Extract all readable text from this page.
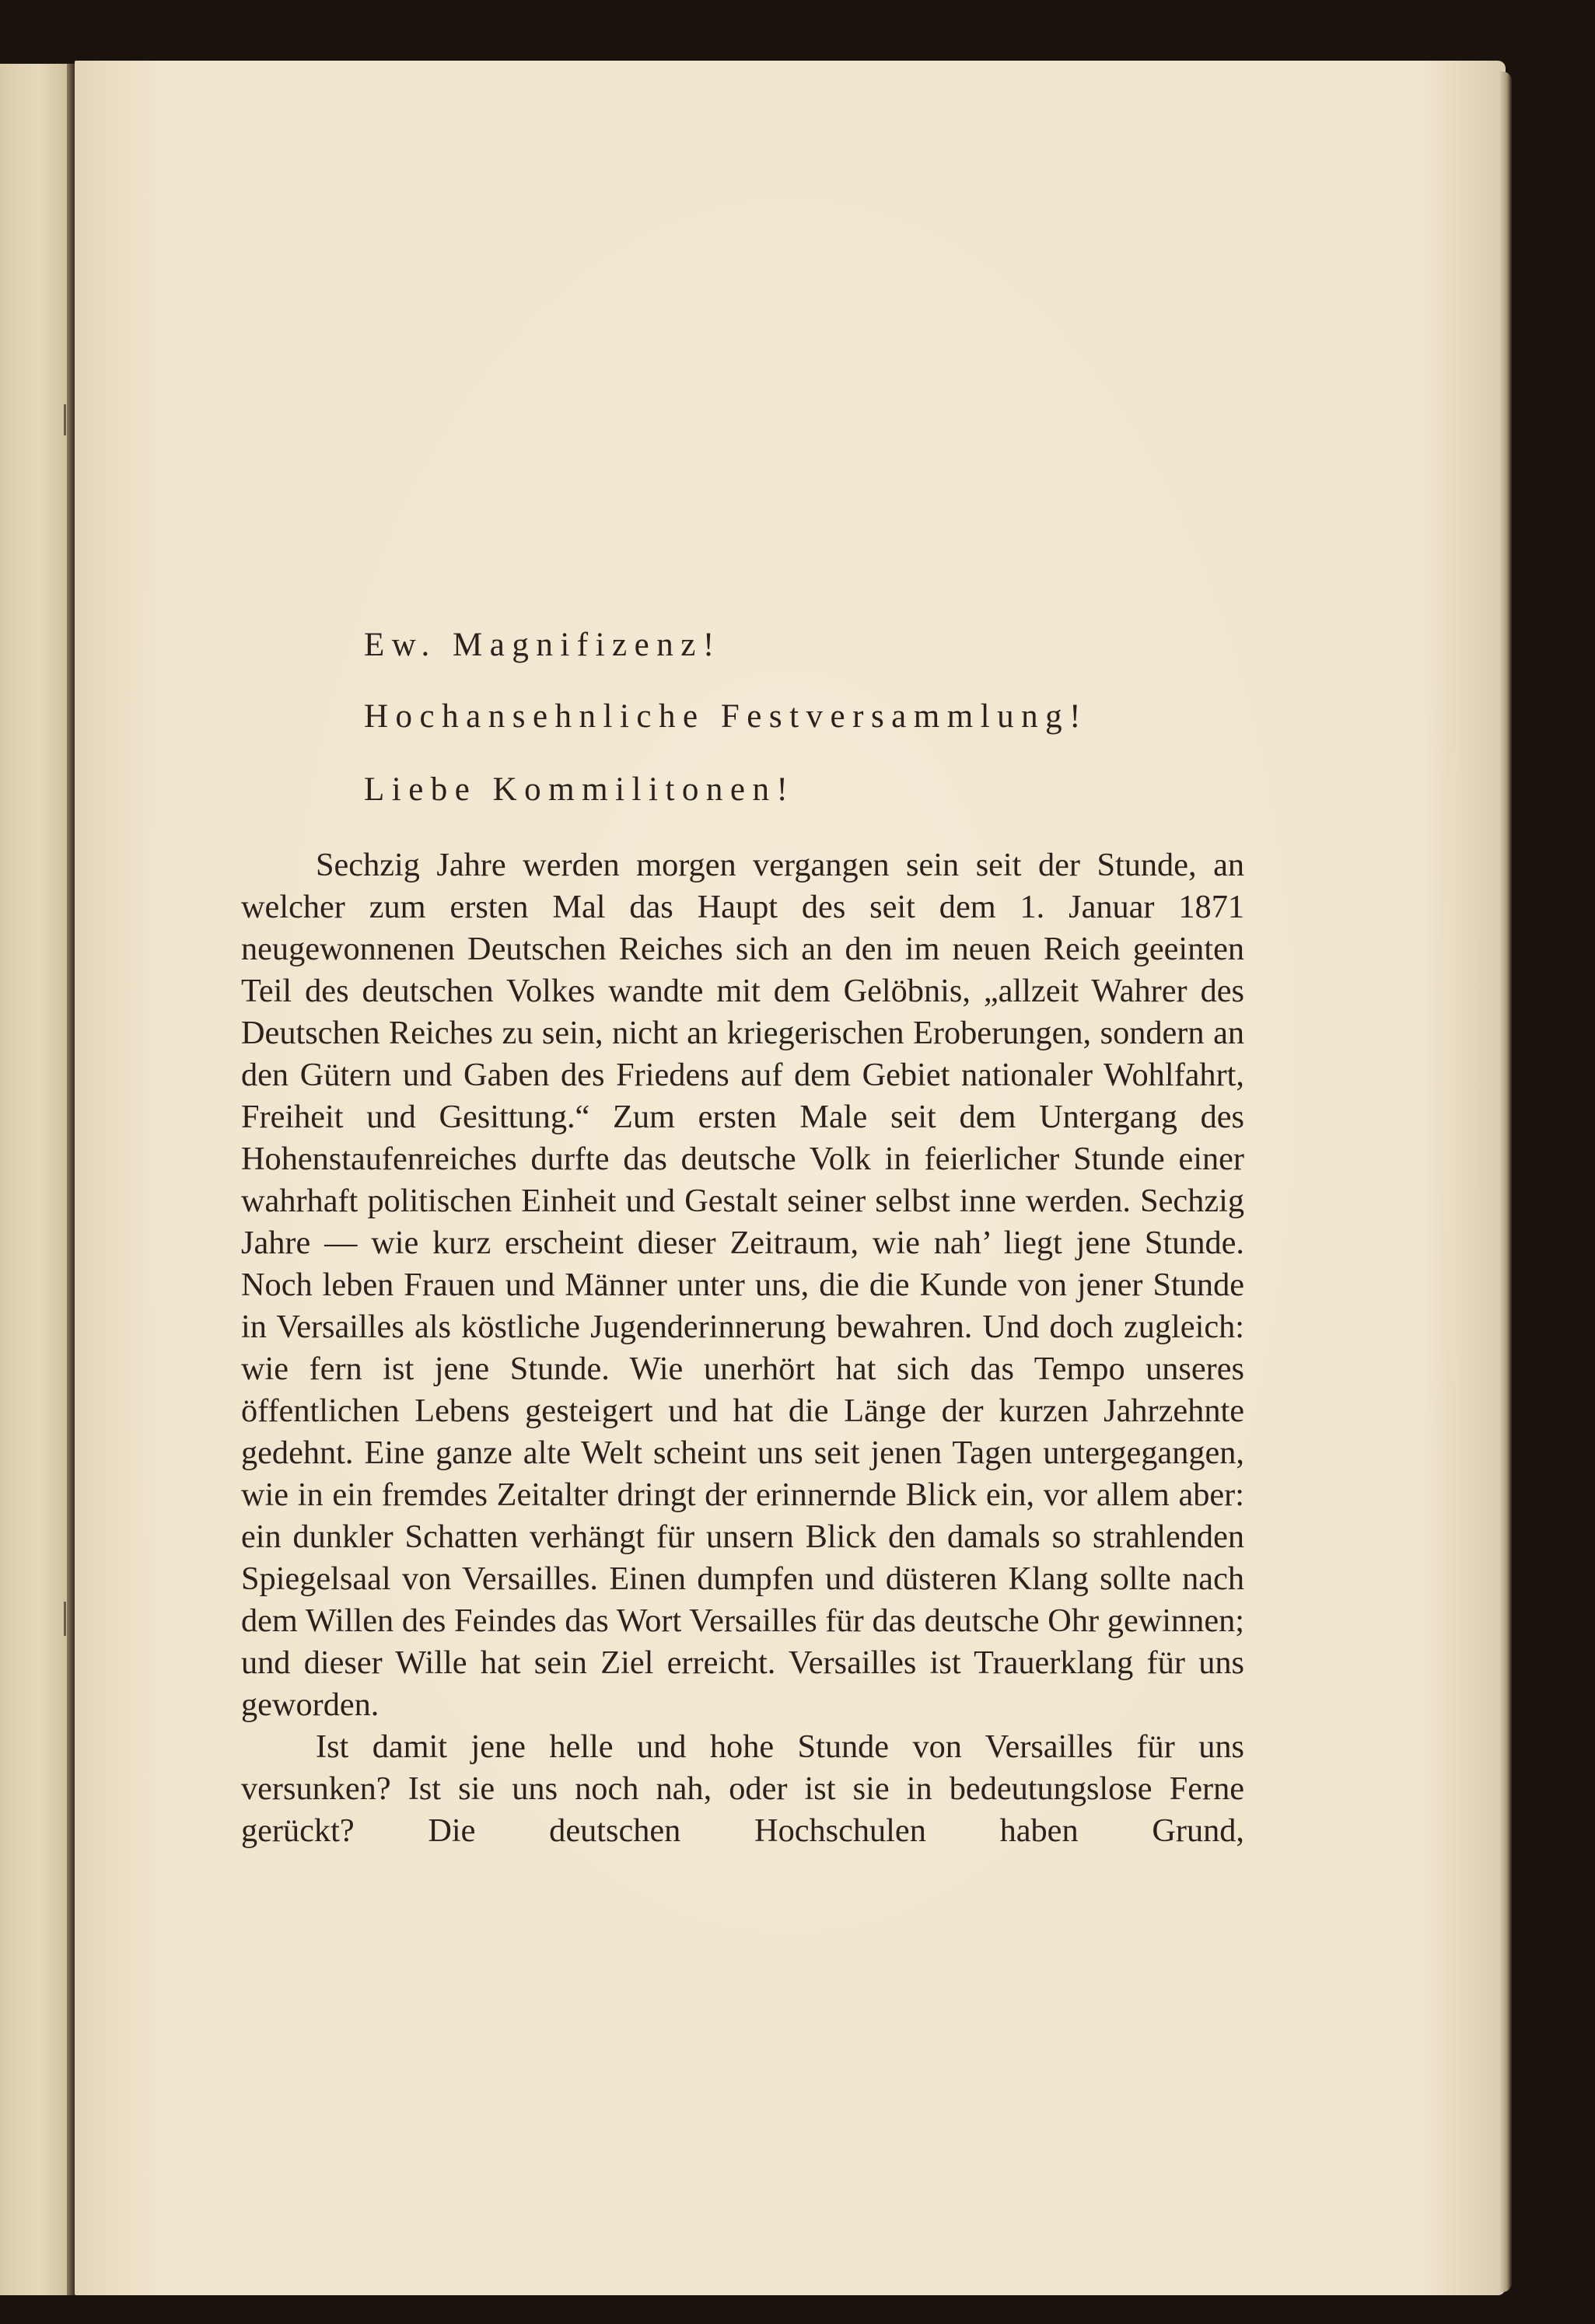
Ew. Magnifizenz!
Hochansehnliche Festversammlung!
Liebe Kommilitonen!

Sechzig Jahre werden morgen vergangen sein seit der Stunde, an welcher zum ersten Mal das Haupt des seit dem 1. Januar 1871 neugewonnenen Deutschen Reiches sich an den im neuen Reich geeinten Teil des deutschen Volkes wandte mit dem Gelöbnis, „allzeit Wahrer des Deutschen Reiches zu sein, nicht an kriegerischen Eroberungen, sondern an den Gütern und Gaben des Friedens auf dem Gebiet nationaler Wohlfahrt, Freiheit und Gesittung.“ Zum ersten Male seit dem Untergang des Hohenstaufenreiches durfte das deutsche Volk in feierlicher Stunde einer wahrhaft politischen Einheit und Gestalt seiner selbst inne werden. Sechzig Jahre — wie kurz erscheint dieser Zeitraum, wie nah’ liegt jene Stunde. Noch leben Frauen und Männer unter uns, die die Kunde von jener Stunde in Versailles als köstliche Jugenderinnerung bewahren. Und doch zugleich: wie fern ist jene Stunde. Wie unerhört hat sich das Tempo unseres öffentlichen Lebens gesteigert und hat die Länge der kurzen Jahrzehnte gedehnt. Eine ganze alte Welt scheint uns seit jenen Tagen untergegangen, wie in ein fremdes Zeitalter dringt der erinnernde Blick ein, vor allem aber: ein dunkler Schatten verhängt für unsern Blick den damals so strahlenden Spiegelsaal von Versailles. Einen dumpfen und düsteren Klang sollte nach dem Willen des Feindes das Wort Versailles für das deutsche Ohr gewinnen; und dieser Wille hat sein Ziel erreicht. Versailles ist Trauerklang für uns geworden.

Ist damit jene helle und hohe Stunde von Versailles für uns versunken? Ist sie uns noch nah, oder ist sie in bedeutungslose Ferne gerückt? Die deutschen Hochschulen haben Grund,
